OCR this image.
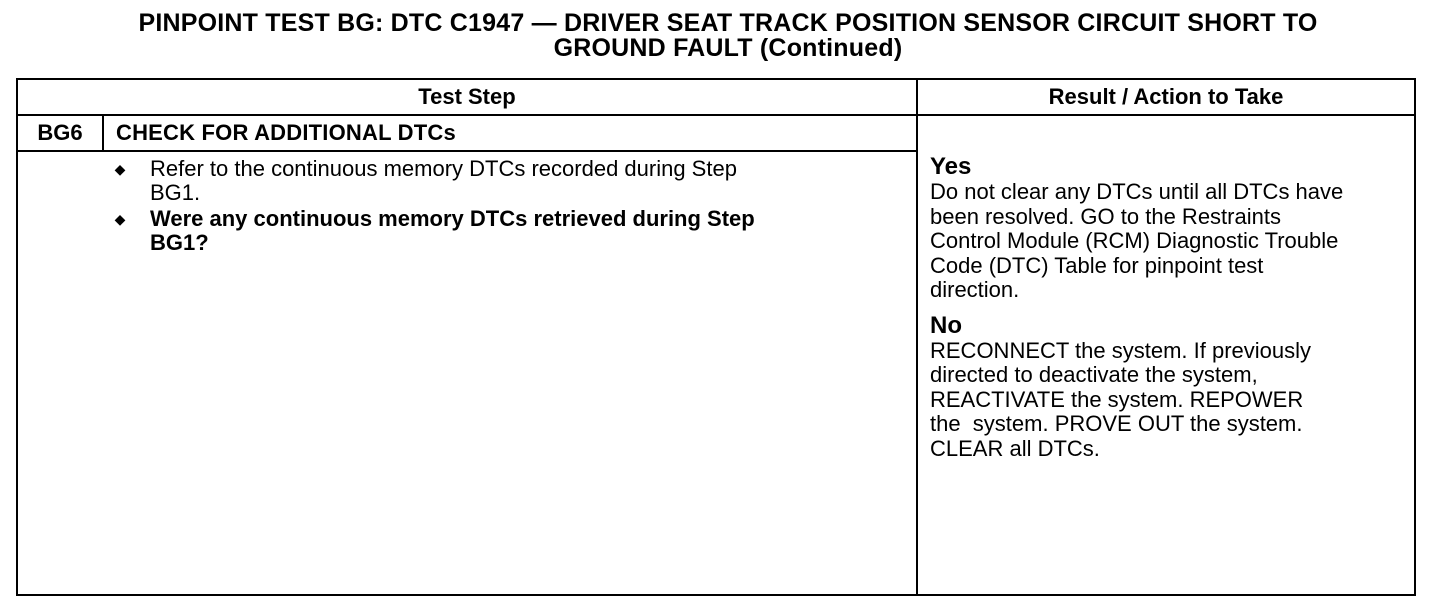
PINPOINT TEST BG: DTC C1947 — DRIVER SEAT TRACK POSITION SENSOR CIRCUIT SHORT TO
GROUND FAULT (Continued)
Test Step	Result / Action to Take
BG6	CHECK FOR ADDITIONAL DTCs
◆ Refer to the continuous memory DTCs recorded during Step
BG1.
◆ Were any continuous memory DTCs retrieved during Step
BG1?
Yes
Do not clear any DTCs until all DTCs have
been resolved. GO to the Restraints
Control Module (RCM) Diagnostic Trouble
Code (DTC) Table for pinpoint test
direction.
No
RECONNECT the system. If previously
directed to deactivate the system,
REACTIVATE the system. REPOWER
the  system. PROVE OUT the system.
CLEAR all DTCs.
